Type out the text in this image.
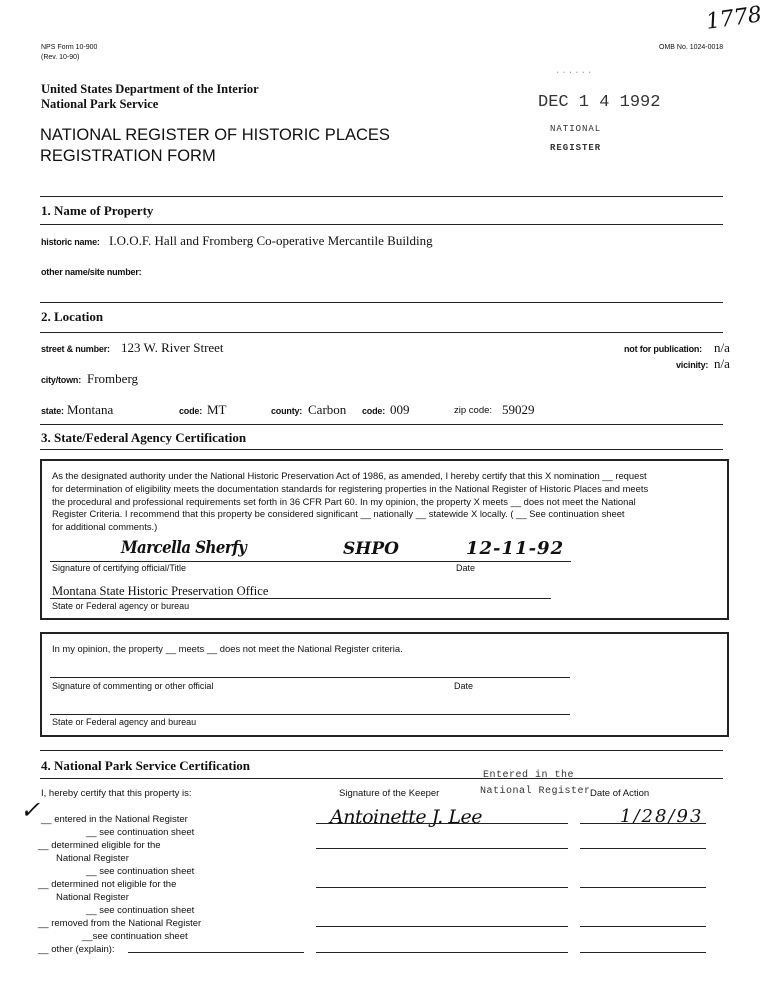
NPS Form 10-900
(Rev. 10-90)
OMB No. 1024-0018
1778
United States Department of the Interior
National Park Service
NATIONAL REGISTER OF HISTORIC PLACES
REGISTRATION FORM
......
DEC 1 4 1992
NATIONAL
REGISTER
1. Name of Property
historic name: I.O.O.F. Hall and Fromberg Co-operative Mercantile Building
other name/site number:
2. Location
street & number: 123 W. River Street	not for publication: n/a
vicinity: n/a
city/town: Fromberg
state: Montana	code: MT	county: Carbon code: 009	zip code: 59029
3. State/Federal Agency Certification
As the designated authority under the National Historic Preservation Act of 1986, as amended, I hereby certify that this X nomination __ request
for determination of eligibility meets the documentation standards for registering properties in the National Register of Historic Places and meets
the procedural and professional requirements set forth in 36 CFR Part 60. In my opinion, the property X meets __ does not meet the National
Register Criteria. I recommend that this property be considered significant __ nationally __ statewide X locally. ( __ See continuation sheet
for additional comments.)
Marcella Sherfy	SHPO	12-11-92
Signature of certifying official/Title	Date
Montana State Historic Preservation Office
State or Federal agency or bureau
In my opinion, the property __ meets __ does not meet the National Register criteria.
Signature of commenting or other official	Date
State or Federal agency and bureau
4. National Park Service Certification
Entered in the
I, hereby certify that this property is:	Signature of the Keeper	National Register Date of Action
✓	Antoinette J. Lee	1/28/93
__ entered in the National Register
__ see continuation sheet
__ determined eligible for the
National Register
__ see continuation sheet
__ determined not eligible for the
National Register
__ see continuation sheet
__ removed from the National Register
__see continuation sheet
__ other (explain):
